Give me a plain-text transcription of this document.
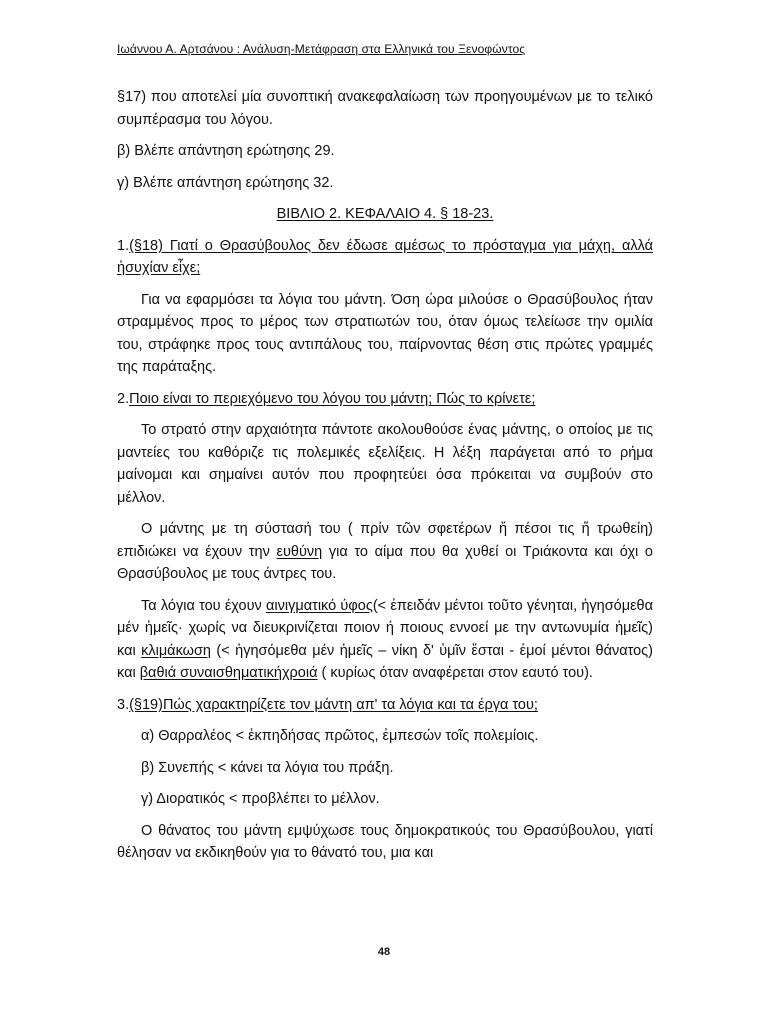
Ιωάννου Α. Αρτσάνου : Ανάλυση-Μετάφραση στα Ελληνικά του Ξενοφώντος

§17) που αποτελεί μία συνοπτική ανακεφαλαίωση των προηγουμένων με το τελικό συμπέρασμα του λόγου.

β) Βλέπε απάντηση ερώτησης 29.

γ) Βλέπε απάντηση ερώτησης 32.

ΒΙΒΛΙΟ 2. ΚΕΦΑΛΑΙΟ 4. § 18-23.

1.(§18) Γιατί ο Θρασύβουλος δεν έδωσε αμέσως το πρόσταγμα για μάχη, αλλά ἡσυχίαν εἶχε;

Για να εφαρμόσει τα λόγια του μάντη. Όση ώρα μιλούσε ο Θρασύβουλος ήταν στραμμένος προς το μέρος των στρατιωτών του, όταν όμως τελείωσε την ομιλία του, στράφηκε προς τους αντιπάλους του, παίρνοντας θέση στις πρώτες γραμμές της παράταξης.

2.Ποιο είναι το περιεχόμενο του λόγου του μάντη; Πώς το κρίνετε;

Το στρατό στην αρχαιότητα πάντοτε ακολουθούσε ένας μάντης, ο οποίος με τις μαντείες του καθόριζε τις πολεμικές εξελίξεις. Η λέξη παράγεται από το ρήμα μαίνομαι και σημαίνει αυτόν που προφητεύει όσα πρόκειται να συμβούν στο μέλλον.

Ο μάντης με τη σύστασή του ( πρίν τῶν σφετέρων ἤ πέσοι τις ἤ τρωθείη) επιδιώκει να έχουν την ευθύνη για το αίμα που θα χυθεί οι Τριάκοντα και όχι ο Θρασύβουλος με τους άντρες του.

Τα λόγια του έχουν αινιγματικό ύφος(< ἐπειδάν μέντοι τοῦτο γένηται, ἡγησόμεθα μέν ἡμεῖς· χωρίς να διευκρινίζεται ποιον ή ποιους εννοεί με την αντωνυμία ἡμεῖς) και κλιμάκωση (< ἡγησόμεθα μέν ἡμεῖς – νίκη δ' ὑμῖν ἔσται - ἐμοί μέντοι θάνατος) και βαθιά συναισθηματικήχροιά ( κυρίως όταν αναφέρεται στον εαυτό του).

3.(§19)Πώς χαρακτηρίζετε τον μάντη απ' τα λόγια και τα έργα του;

α) Θαρραλέος < ἐκπηδήσας πρῶτος, ἐμπεσών τοῖς πολεμίοις.

β) Συνεπής < κάνει τα λόγια του πράξη.

γ) Διορατικός < προβλέπει το μέλλον.

Ο θάνατος του μάντη εμψύχωσε τους δημοκρατικούς του Θρασύβουλου, γιατί θέλησαν να εκδικηθούν για το θάνατό του, μια και

48
